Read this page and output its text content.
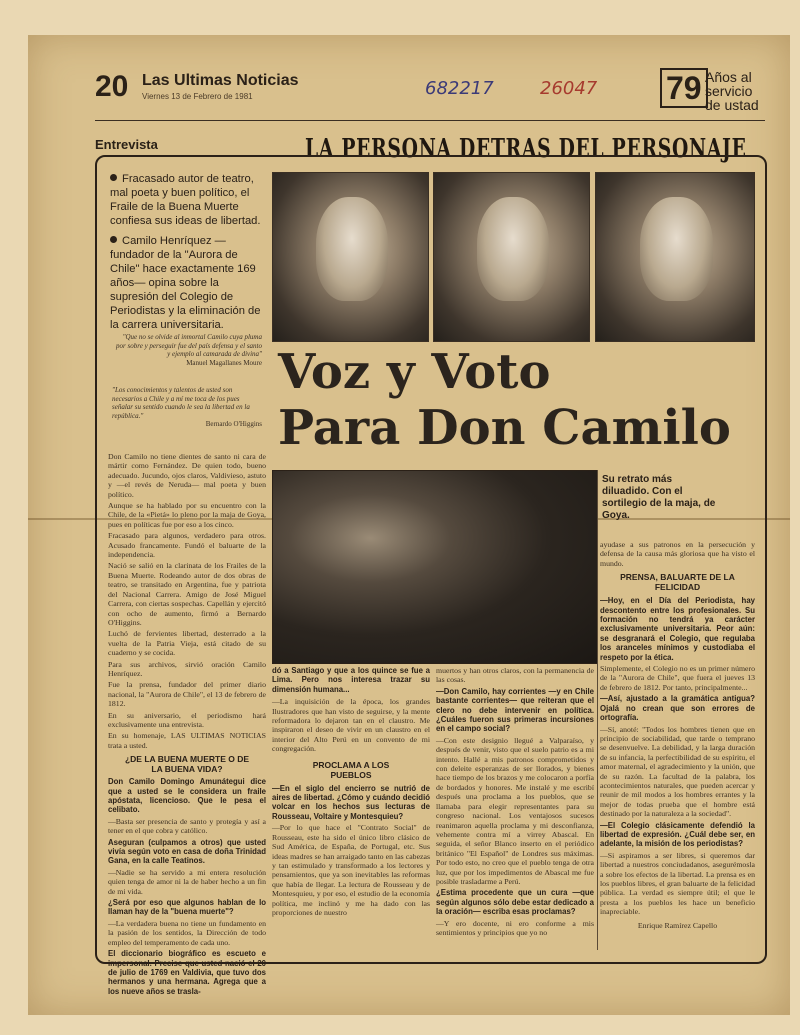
20 Las Ultimas Noticias
Viernes 13 de Febrero de 1981	682217	26047 79 Años al
servicio
de ustad
Entrevista	LA PERSONA DETRAS DEL PERSONAJE
Fracasado autor de teatro, mal poeta y buen político, el Fraile de la Buena Muerte confiesa sus ideas de libertad.
Camilo Henríquez —fundador de la "Aurora de Chile" hace exactamente 169 años— opina sobre la supresión del Colegio de Periodistas y la eliminación de la carrera universitaria.
"Que no se olvide al inmortal Camilo cuya pluma por sobre y perseguir fue del país defensa y el santo y ejemplo al camarada de divina"
Manuel Magallanes Moure
"Los conocimientos y talentos de usted son necesarios a Chile y a mí me toca de los pues señalar su sentido cuando le sea la libertad en la república."
Bernardo O'Higgins
Voz y Voto
Para Don Camilo
Su retrato más diluadido. Con el sortilegio de la maja, de Goya.

Don Camilo no tiene dientes de santo ni cara de mártir como Fernández. De quien todo, bueno adecuado. Jucundo, ojos claros, Valdivieso, astuto y —el revés de Neruda— mal poeta y buen político.

Aunque se ha hablado por su encuentro con la Chile, de la «Pietá» lo pleno por la maja de Goya, pues en políticas fue por eso a los cinco.

Fracasado para algunos, verdadero para otros. Acusado francamente. Fundó el baluarte de la independencia.

Nació se salió en la clarinata de los Frailes de la Buena Muerte. Rodeando autor de dos obras de teatro, se transitado en Argentina, fue y patriota del Nacional Carrera. Amigo de José Miguel Carrera, con ciertas sospechas. Capellán y ejercitó con ocho de aumento, firmó a Bernardo O'Higgins.

Luchó de fervientes libertad, desterrado a la vuelta de la Patria Vieja, está citado de su cuaderno y se cocida.

Para sus archivos, sirvió oración Camilo Henríquez.

Fue la prensa, fundador del primer diario nacional, la "Aurora de Chile", el 13 de febrero de 1812.

En su aniversario, el periodismo hará exclusivamente una entrevista.

En su homenaje, LAS ULTIMAS NOTICIAS trata a usted.

¿DE LA BUENA MUERTE O DE LA BUENA VIDA?

Don Camilo Domingo Amunátegui dice que a usted se le considera un fraile apóstata, licencioso. Que le pesa el celibato.

—Basta ser presencia de santo y protegía y así a tener en el que cobra y católico.

Aseguran (culpamos a otros) que usted vivía según voto en casa de doña Trinidad Gana, en la calle Teatinos.

—Nadie se ha servido a mi entera resolución quien tenga de amor ni la de haber hecho a un fin de mi vida.

¿Será por eso que algunos hablan de lo llaman hay de la "buena muerte"?

—La verdadera buena no tiene un fundamento en la pasión de los sentidos, la Dirección de todo empleo del temperamento de cada uno.

El diccionario biográfico es escueto e impersonal. Precise que usted nació el 20 de julio de 1769 en Valdivia, que tuvo dos hermanos y una hermana. Agrega que a los nueve años se trasla-

dó a Santiago y que a los quince se fue a Lima. Pero nos interesa trazar su dimensión humana...

—La inquisición de la época, los grandes Ilustradores que han visto de seguirse, y la mente reformadora lo dejaron tan en el claustro. Me inspiraron el deseo de vivir en un claustro en el interior del Alto Perú en un convento de mi congregación.

PROCLAMA A LOS PUEBLOS

—En el siglo del encierro se nutrió de aires de libertad. ¿Cómo y cuándo decidió volcar en los hechos sus lecturas de Rousseau, Voltaire y Montesquieu?

—Por lo que hace el "Contrato Social" de Rousseau, este ha sido el único libro clásico de Sud América, de España, de Portugal, etc. Sus ideas madres se han arraigado tanto en las cabezas y tan estimulado y transformado a los lectores y pensamientos, que ya son inevitables las reformas que había de llegar. La lectura de Rousseau y de Montesquieu, y por eso, el estudio de la economía política, me inclinó y me ha dado con las proporciones de nuestro

muertos y han otros claros, con la permanencia de las cosas.

—Don Camilo, hay corrientes —y en Chile bastante corrientes— que reiteran que el clero no debe intervenir en política. ¿Cuáles fueron sus primeras incursiones en el campo social?

—Con este designio llegué a Valparaíso, y después de venir, visto que el suelo patrio es a mi intento. Hallé a mis patronos comprometidos y con deleite esperanzas de ser llorados, y bienes hace tiempo de los brazos y me colocaron a porfía de bordados y honores. Me instalé y me escribí después una proclama a los pueblos, que se llamaba para elegir representantes para su congreso nacional. Los ventajosos sucesos reanimaron aquella proclama y mi desconfianza, vehemente contra mí a virrey Abascal. En seguida, el señor Blanco inserto en el periódico británico "El Español" de Londres sus máximas. Por todo esto, no creo que el pueblo tenga de otra luz, que por los impedimentos de Abascal me fue posible trasladarme a Perú.

¿Estima procedente que un cura —que según algunos sólo debe estar dedicado a la oración— escriba esas proclamas?

—Y ero docente, ni ero conforme a mis sentimientos y principios que yo no

ayudase a sus patronos en la persecución y defensa de la causa más gloriosa que ha visto el mundo.

PRENSA, BALUARTE DE LA FELICIDAD

—Hoy, en el Día del Periodista, hay descontento entre los profesionales. Su formación no tendrá ya carácter exclusivamente universitaria. Peor aún: se desgranará el Colegio, que regulaba los aranceles mínimos y custodiaba el respeto por la ética.

Simplemente, el Colegio no es un primer número de la "Aurora de Chile", que fuera el jueves 13 de febrero de 1812. Por tanto, principalmente...

—Así, ajustado a la gramática antigua? Ojalá no crean que son errores de ortografía.

—Sí, anoté: "Todos los hombres tienen que en principio de sociabilidad, que tarde o temprano se desenvuelve. La debilidad, y la larga duración de su infancia, la perfectibilidad de su espíritu, el amor maternal, el agradecimiento y la unión, que de su razón. La facultad de la palabra, los acontecimientos naturales, que pueden acercar y reunir de mil modos a los hombres errantes y la mejor de todas prueba que el hombre está destinado por la naturaleza a la sociedad".

—El Colegio clásicamente defendió la libertad de expresión. ¿Cuál debe ser, en adelante, la misión de los periodistas?

—Si aspiramos a ser libres, si queremos dar libertad a nuestros conciudadanos, asegurémosla a sobre los efectos de la libertad. La prensa es en los pueblos libres, el gran baluarte de la felicidad pública. La verdad es siempre útil; el que le presta a los pueblos les hace un beneficio inapreciable.

Enrique Ramírez Capello
